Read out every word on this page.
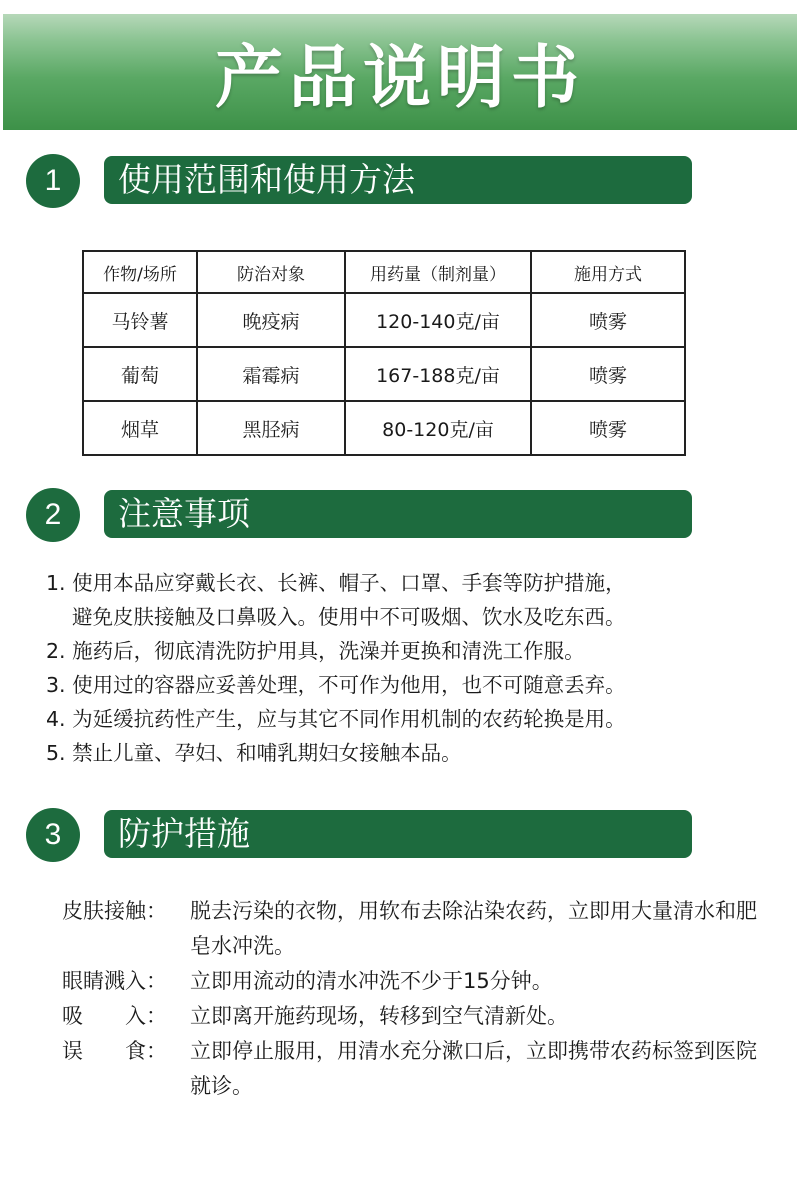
产品说明书
1	使用范围和使用方法
作物/场所	防治对象	用药量（制剂量）	施用方式
马铃薯	晚疫病	120-140克/亩	喷雾
葡萄	霜霉病	167-188克/亩	喷雾
烟草	黑胫病	80-120克/亩	喷雾
2	注意事项
1. 使用本品应穿戴长衣、长裤、帽子、口罩、手套等防护措施，
避免皮肤接触及口鼻吸入。使用中不可吸烟、饮水及吃东西。
2. 施药后，彻底清洗防护用具，洗澡并更换和清洗工作服。
3. 使用过的容器应妥善处理，不可作为他用，也不可随意丢弃。
4. 为延缓抗药性产生，应与其它不同作用机制的农药轮换是用。
5. 禁止儿童、孕妇、和哺乳期妇女接触本品。
3	防护措施
皮肤接触：	脱去污染的衣物，用软布去除沾染农药，立即用大量清水和肥皂水冲洗。
眼睛溅入：	立即用流动的清水冲洗不少于15分钟。
吸　　入：	立即离开施药现场，转移到空气清新处。
误　　食：	立即停止服用，用清水充分漱口后，立即携带农药标签到医院就诊。
